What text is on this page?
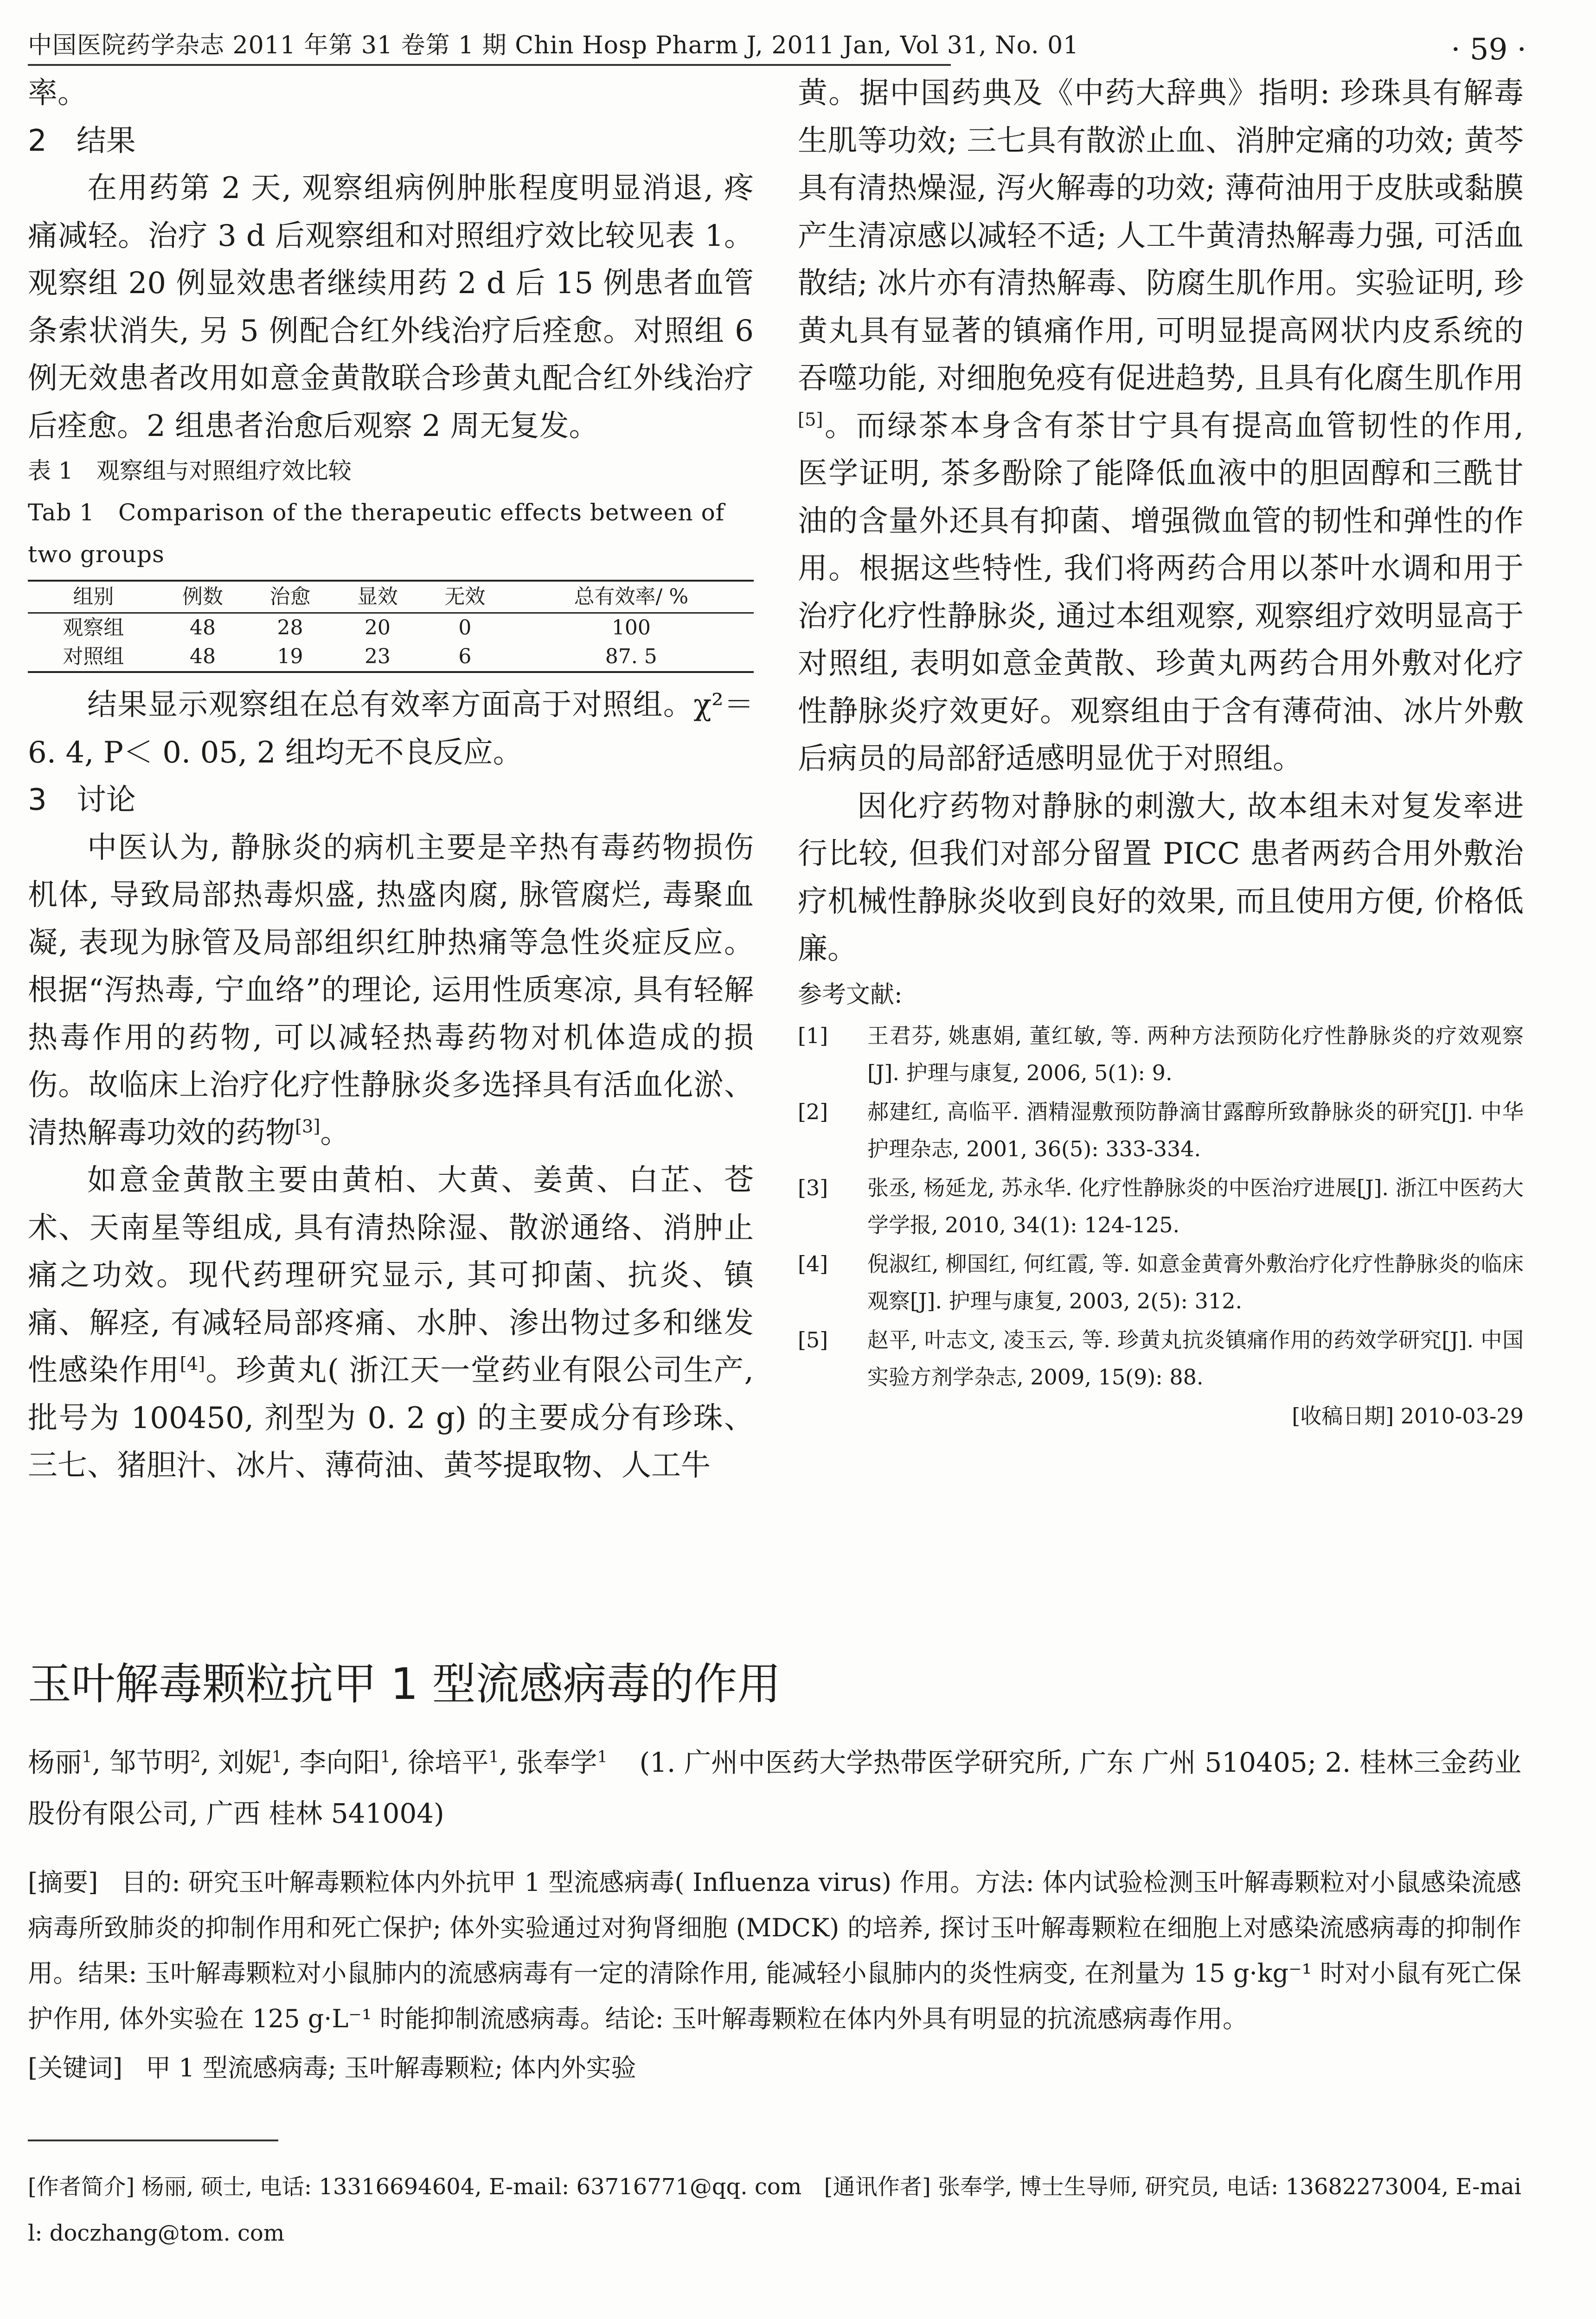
中国医院药学杂志 2011 年第 31 卷第 1 期 Chin Hosp Pharm J, 2011 Jan, Vol 31, No. 01	· 59 ·

率。

2　结果

在用药第 2 天, 观察组病例肿胀程度明显消退, 疼痛减轻。治疗 3 d 后观察组和对照组疗效比较见表 1。观察组 20 例显效患者继续用药 2 d 后 15 例患者血管条索状消失, 另 5 例配合红外线治疗后痊愈。对照组 6 例无效患者改用如意金黄散联合珍黄丸配合红外线治疗后痊愈。2 组患者治愈后观察 2 周无复发。

表 1　观察组与对照组疗效比较

Tab 1　Comparison of the therapeutic effects between of two groups

组别	例数	治愈	显效	无效	总有效率/ %
观察组	48	28	20	0	100
对照组	48	19	23	6	87. 5

结果显示观察组在总有效率方面高于对照组。χ²＝6. 4, P＜ 0. 05, 2 组均无不良反应。

3　讨论

中医认为, 静脉炎的病机主要是辛热有毒药物损伤机体, 导致局部热毒炽盛, 热盛肉腐, 脉管腐烂, 毒聚血凝, 表现为脉管及局部组织红肿热痛等急性炎症反应。根据“泻热毒, 宁血络”的理论, 运用性质寒凉, 具有轻解热毒作用的药物, 可以减轻热毒药物对机体造成的损伤。故临床上治疗化疗性静脉炎多选择具有活血化淤、清热解毒功效的药物[3]。

如意金黄散主要由黄柏、大黄、姜黄、白芷、苍术、天南星等组成, 具有清热除湿、散淤通络、消肿止痛之功效。现代药理研究显示, 其可抑菌、抗炎、镇痛、解痉, 有减轻局部疼痛、水肿、渗出物过多和继发性感染作用[4]。珍黄丸( 浙江天一堂药业有限公司生产, 批号为 100450, 剂型为 0. 2 g) 的主要成分有珍珠、三七、猪胆汁、冰片、薄荷油、黄芩提取物、人工牛

黄。据中国药典及《中药大辞典》指明: 珍珠具有解毒生肌等功效; 三七具有散淤止血、消肿定痛的功效; 黄芩具有清热燥湿, 泻火解毒的功效; 薄荷油用于皮肤或黏膜产生清凉感以减轻不适; 人工牛黄清热解毒力强, 可活血散结; 冰片亦有清热解毒、防腐生肌作用。实验证明, 珍黄丸具有显著的镇痛作用, 可明显提高网状内皮系统的吞噬功能, 对细胞免疫有促进趋势, 且具有化腐生肌作用[5]。而绿茶本身含有茶甘宁具有提高血管韧性的作用, 医学证明, 茶多酚除了能降低血液中的胆固醇和三酰甘油的含量外还具有抑菌、增强微血管的韧性和弹性的作用。根据这些特性, 我们将两药合用以茶叶水调和用于治疗化疗性静脉炎, 通过本组观察, 观察组疗效明显高于对照组, 表明如意金黄散、珍黄丸两药合用外敷对化疗性静脉炎疗效更好。观察组由于含有薄荷油、冰片外敷后病员的局部舒适感明显优于对照组。

因化疗药物对静脉的刺激大, 故本组未对复发率进行比较, 但我们对部分留置 PICC 患者两药合用外敷治疗机械性静脉炎收到良好的效果, 而且使用方便, 价格低廉。

参考文献:
[1]	王君芬, 姚惠娟, 董红敏, 等. 两种方法预防化疗性静脉炎的疗效观察[J]. 护理与康复, 2006, 5(1): 9.
[2]	郝建红, 高临平. 酒精湿敷预防静滴甘露醇所致静脉炎的研究[J]. 中华护理杂志, 2001, 36(5): 333-334.
[3]	张丞, 杨延龙, 苏永华. 化疗性静脉炎的中医治疗进展[J]. 浙江中医药大学学报, 2010, 34(1): 124-125.
[4]	倪淑红, 柳国红, 何红霞, 等. 如意金黄膏外敷治疗化疗性静脉炎的临床观察[J]. 护理与康复, 2003, 2(5): 312.
[5]	赵平, 叶志文, 凌玉云, 等. 珍黄丸抗炎镇痛作用的药效学研究[J]. 中国实验方剂学杂志, 2009, 15(9): 88.
[收稿日期] 2010-03-29
玉叶解毒颗粒抗甲 1 型流感病毒的作用
杨丽$^1$, 邹节明$^2$, 刘妮$^1$, 李向阳$^1$, 徐培平$^1$, 张奉学$^1$ (1. 广州中医药大学热带医学研究所, 广东 广州 510405; 2. 桂林三金药业股份有限公司, 广西 桂林 541004)

[摘要] 目的: 研究玉叶解毒颗粒体内外抗甲 1 型流感病毒( Influenza virus) 作用。方法: 体内试验检测玉叶解毒颗粒对小鼠感染流感病毒所致肺炎的抑制作用和死亡保护; 体外实验通过对狗肾细胞 (MDCK) 的培养, 探讨玉叶解毒颗粒在细胞上对感染流感病毒的抑制作用。结果: 玉叶解毒颗粒对小鼠肺内的流感病毒有一定的清除作用, 能减轻小鼠肺内的炎性病变, 在剂量为 15 g·kg⁻¹ 时对小鼠有死亡保护作用, 体外实验在 125 g·L⁻¹ 时能抑制流感病毒。结论: 玉叶解毒颗粒在体内外具有明显的抗流感病毒作用。

[关键词] 甲 1 型流感病毒; 玉叶解毒颗粒; 体内外实验

[作者简介] 杨丽, 硕士, 电话: 13316694604, E-mail: 63716771@qq. com　[通讯作者] 张奉学, 博士生导师, 研究员, 电话: 13682273004, E-mail: doczhang@tom. com
